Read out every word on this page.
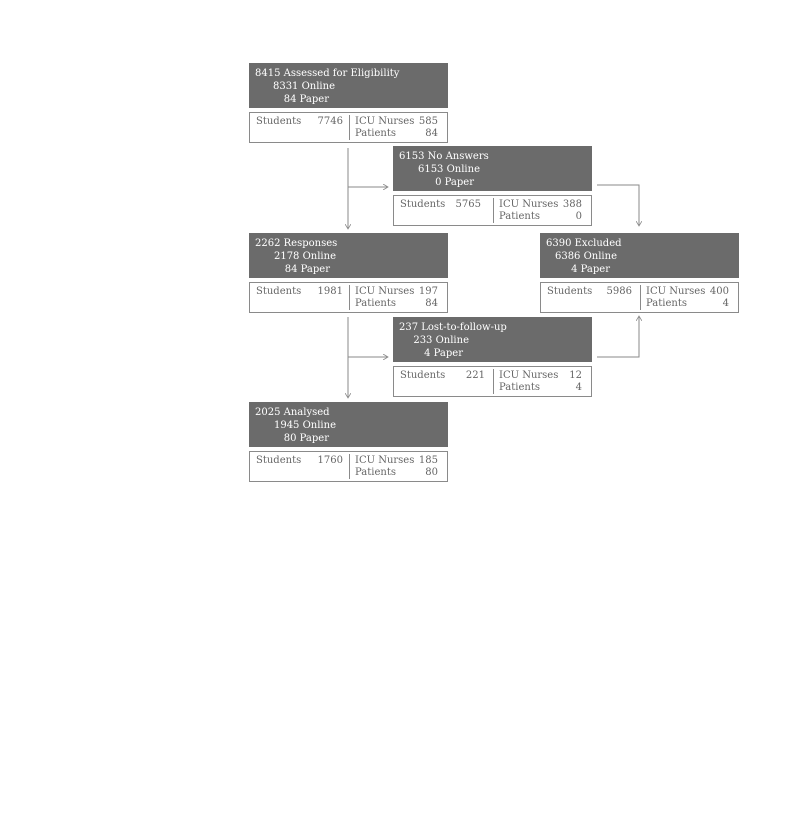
8415 Assessed for Eligibility
8331 Online
84 Paper
Students 7746 ICU Nurses 585
Patients	84
6153 No Answers
6153 Online
0 Paper
Students 5765 ICU Nurses 388
Patients	0
2262 Responses
2178 Online
84 Paper
Students 1981 ICU Nurses 197
Patients	84
6390 Excluded
6386 Online
4 Paper
Students 5986 ICU Nurses 400
Patients	4
237 Lost-to-follow-up
233 Online
4 Paper
Students 221 ICU Nurses 12
Patients	4
2025 Analysed
1945 Online
80 Paper
Students 1760 ICU Nurses 185
Patients	80
